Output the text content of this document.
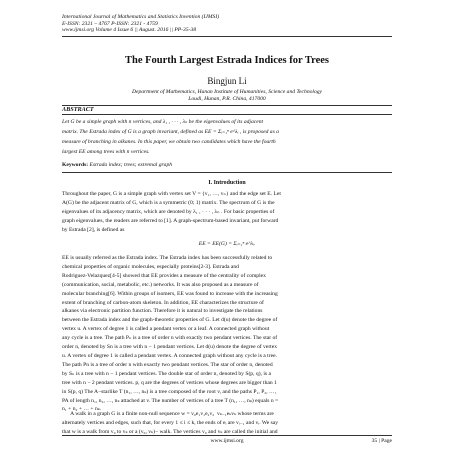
International Journal of Mathematics and Statistics Invention (IJMSI)
E-ISSN: 2321 – 4767 P-ISSN: 2321 - 4759
www.ijmsi.org Volume 4 Issue 6 || August. 2016 || PP-35-38
The Fourth Largest Estrada Indices for Trees
Bingjun Li
Department of Mathematics, Hunan Institute of Humanities, Science and Technology
Loudi, Hunan, P.R. China, 417000
ABSTRACT
Let G be a simple graph with n vertices, and λ₁ , · · · , λₙ be the eigenvalues of its adjacent
matrix. The Estrada index of G is a graph invariant, defined as EE = Σᵢ₌₁ⁿ e^λᵢ , is proposed as a
measure of branching in alkanes. In this paper, we obtain two candidates which have the fourth
largest EE among trees with n vertices.
Keywords: Estrada index; trees; extremal graph
I. Introduction
Throughout the paper, G is a simple graph with vertex set V = {v₁, …, vₙ} and the edge set E. Let
A(G) be the adjacent matrix of G, which is a symmetric (0; 1) matrix. The spectrum of G is the
eigenvalues of its adjacency matrix, which are denoted by λ₁ , · · · , λₙ . For basic properties of
graph eigenvalues, the readers are referred to [1]. A graph-spectrum-based invariant, put forward
by Estrada [2], is defined as
EE = EE(G) = Σᵢ₌₁ⁿ e^λᵢ.
EE is usually referred as the Estrada index. The Estrada index has been successfully related to
chemical properties of organic molecules, especially proteins[2-3]. Estrada and
Rodriguez-Velazquez[4-5] showed that EE provides a measure of the centrality of complex
(communication, social, metabolic, etc.) networks. It was also proposed as a measure of
molecular branching[6]. Within groups of isomers, EE was found to increase with the increasing
extent of branching of carbon-atom skeleton. In addition, EE characterizes the structure of
alkanes via electronic partition function. Therefore it is natural to investigate the relations
between the Estrada index and the graph-theoretic properties of G. Let d(u) denote the degree of
vertex u. A vertex of degree 1 is called a pendant vertex or a leaf. A connected graph without
any cycle is a tree. The path Pₙ is a tree of order n with exactly two pendant vertices. The star of
order n, denoted by Sn is a tree with n − 1 pendant vertices. Let d(u) denote the degree of vertex
u. A vertex of degree 1 is called a pendant vertex. A connected graph without any cycle is a tree.
The path Pn is a tree of order n with exactly two pendant vertices. The star of order n, denoted
by Sₙ is a tree with n − 1 pendant vertices. The double star of order n, denoted by S(p, q), is a
tree with n − 2 pendant vertices. p, q are the degrees of vertices whose degrees are bigger than 1
in S(p, q) The A−starlike T (n₁, …, nₖ) is a tree composed of the root v, and the paths P₁, P₂, …,
PA of length n₁, n₂, …, nₖ attached at v. The number of vertices of a tree T (n₁, …, nₖ) equals n =
n₁ + n₂ + … + nₖ.
A walk in a graph G is a finite non-null sequence w = v₀e₁v₁e₂v₂  vₖ₋₁eₖvₖ whose terms are
alternately vertices and edges, such that, for every 1 ≤ i ≤ k, the ends of eᵢ are vᵢ₋₁ and vᵢ. We say
that w is a walk from v₀ to vₖ or a (v₀, vₖ)− walk. The vertices v₀ and vₖ are called the initial and
www.ijmsi.org	35 | Page
